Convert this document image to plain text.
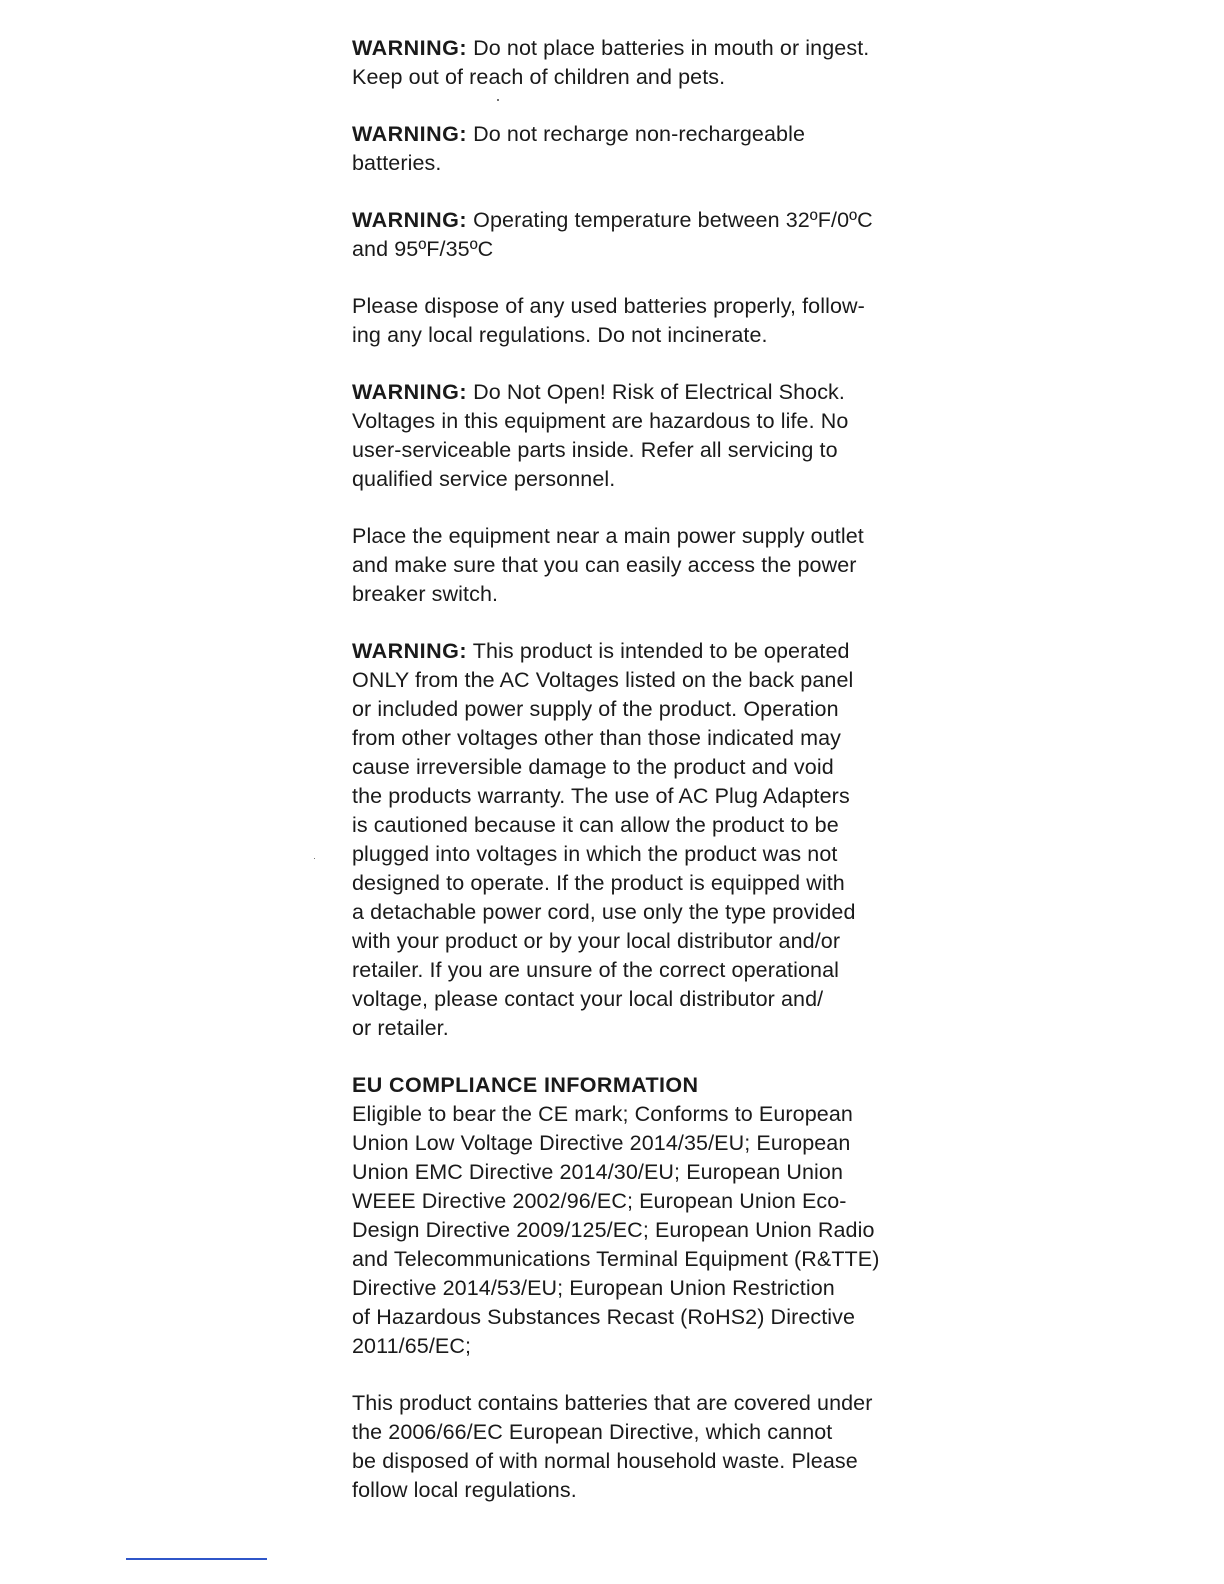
WARNING: Do not place batteries in mouth or ingest.
Keep out of reach of children and pets.
WARNING: Do not recharge non-rechargeable
batteries.
WARNING: Operating temperature between 32ºF/0ºC
and 95ºF/35ºC
Please dispose of any used batteries properly, follow-
ing any local regulations. Do not incinerate.
WARNING: Do Not Open! Risk of Electrical Shock.
Voltages in this equipment are hazardous to life. No
user-serviceable parts inside. Refer all servicing to
qualified service personnel.
Place the equipment near a main power supply outlet
and make sure that you can easily access the power
breaker switch.
WARNING: This product is intended to be operated
ONLY from the AC Voltages listed on the back panel
or included power supply of the product. Operation
from other voltages other than those indicated may
cause irreversible damage to the product and void
the products warranty. The use of AC Plug Adapters
is cautioned because it can allow the product to be
plugged into voltages in which the product was not
designed to operate. If the product is equipped with
a detachable power cord, use only the type provided
with your product or by your local distributor and/or
retailer. If you are unsure of the correct operational
voltage, please contact your local distributor and/
or retailer.
EU COMPLIANCE INFORMATION
Eligible to bear the CE mark; Conforms to European
Union Low Voltage Directive 2014/35/EU; European
Union EMC Directive 2014/30/EU; European Union
WEEE Directive 2002/96/EC; European Union Eco-
Design Directive 2009/125/EC; European Union Radio
and Telecommunications Terminal Equipment (R&TTE)
Directive 2014/53/EU; European Union Restriction
of Hazardous Substances Recast (RoHS2) Directive
2011/65/EC;
This product contains batteries that are covered under
the 2006/66/EC European Directive, which cannot
be disposed of with normal household waste. Please
follow local regulations.
